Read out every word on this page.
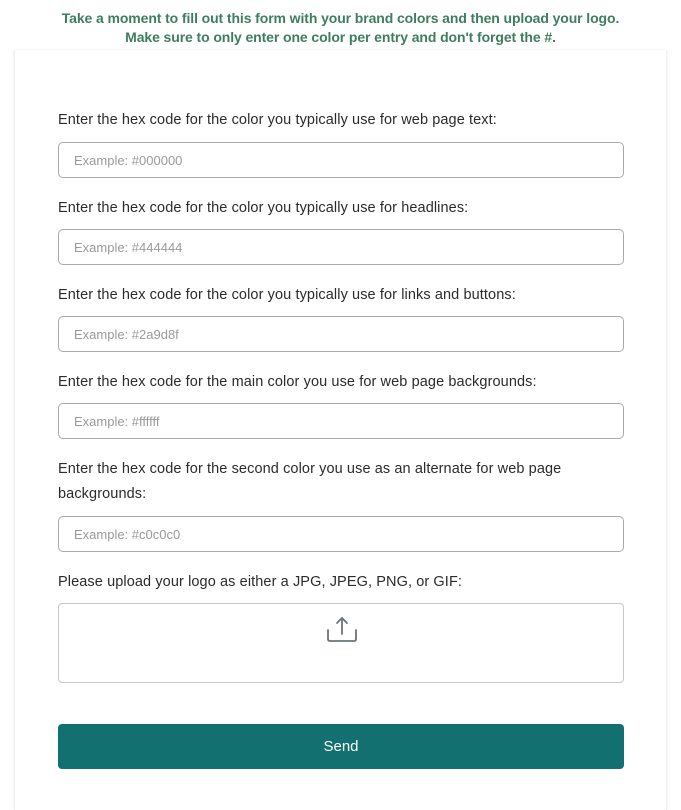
Take a moment to fill out this form with your brand colors and then upload your logo.
Make sure to only enter one color per entry and don't forget the #.
Enter the hex code for the color you typically use for web page text:
Example: #000000
Enter the hex code for the color you typically use for headlines:
Example: #444444
Enter the hex code for the color you typically use for links and buttons:
Example: #2a9d8f
Enter the hex code for the main color you use for web page backgrounds:
Example: #ffffff
Enter the hex code for the second color you use as an alternate for web page backgrounds:
Example: #c0c0c0
Please upload your logo as either a JPG, JPEG, PNG, or GIF:
Send
